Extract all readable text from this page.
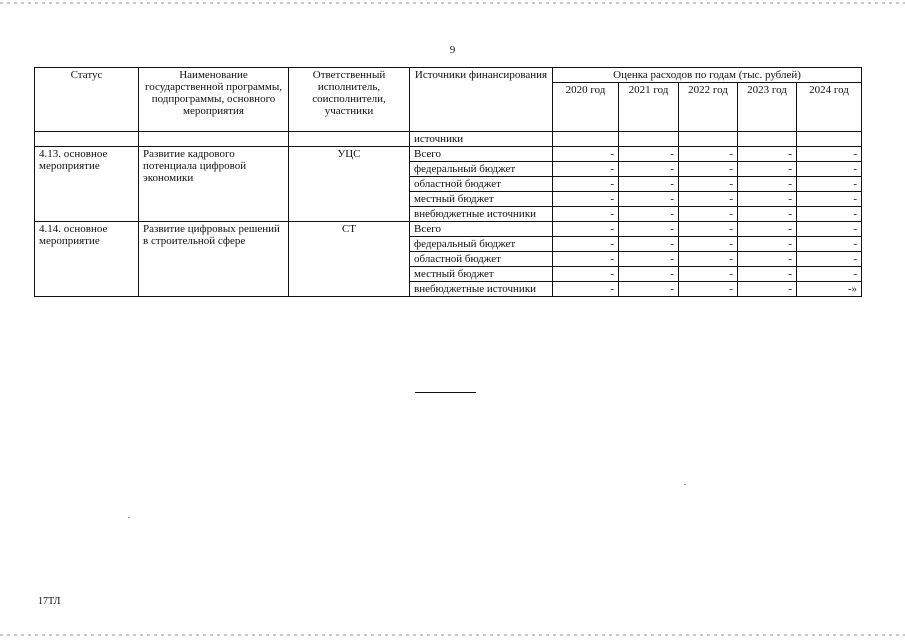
9
Статус	Наименование государственной программы, подпрограммы, основного мероприятия	Ответственный исполнитель, соисполнители, участники	Источники финансирования	Оценка расходов по годам (тыс. рублей)				
				2020 год	2021 год	2022 год	2023 год	2024 год
			источники					
4.13. основное мероприятие	Развитие кадрового потенциала цифровой экономики	УЦС	Всего	-	-	-	-	-
			федеральный бюджет	-	-	-	-	-
			областной бюджет	-	-	-	-	-
			местный бюджет	-	-	-	-	-
			внебюджетные источники	-	-	-	-	-
4.14. основное мероприятие	Развитие цифровых решений в строительной сфере	СТ	Всего	-	-	-	-	-
			федеральный бюджет	-	-	-	-	-
			областной бюджет	-	-	-	-	-
			местный бюджет	-	-	-	-	-
			внебюджетные источники	-	-	-	-	-»
17ТЛ
